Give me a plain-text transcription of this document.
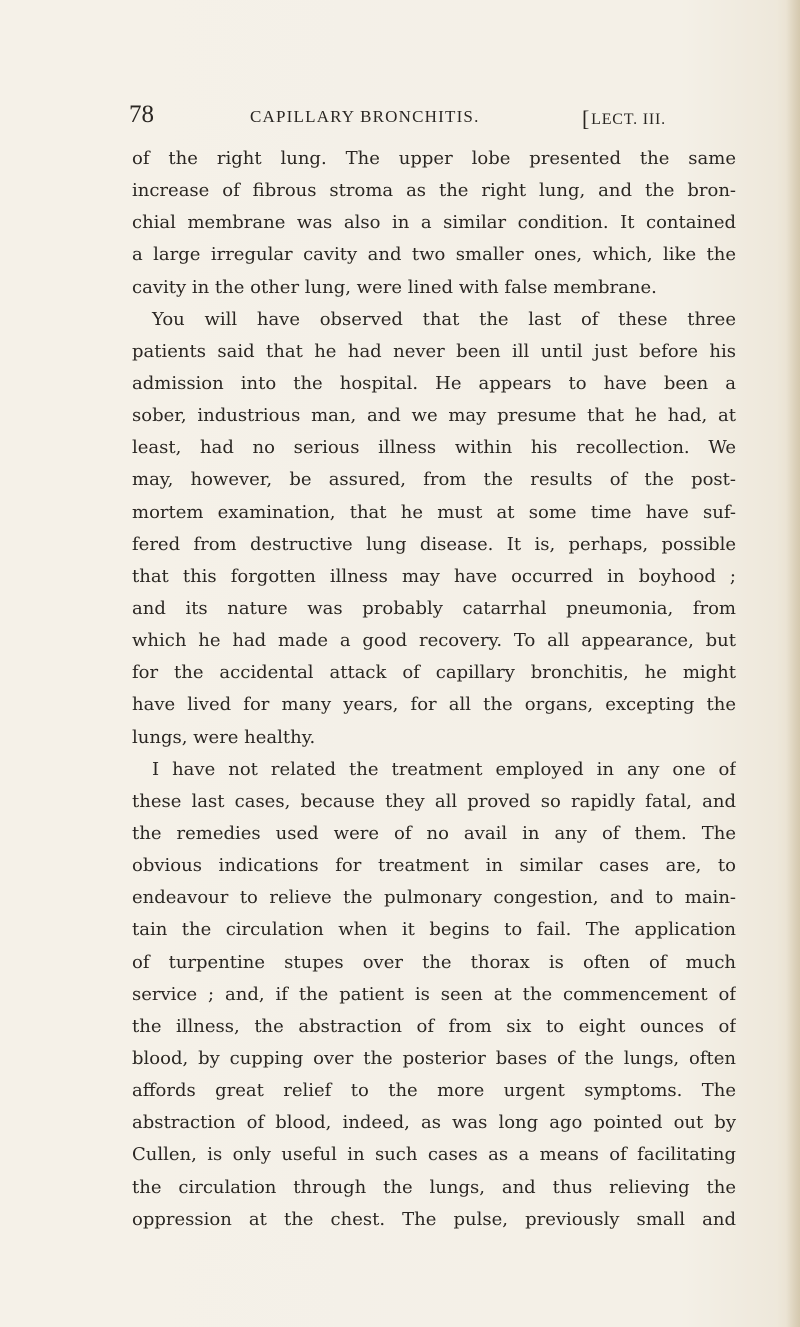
78	CAPILLARY BRONCHITIS.	[LECT. III.
of the right lung. The upper lobe presented the same
increase of fibrous stroma as the right lung, and the bron-
chial membrane was also in a similar condition. It contained
a large irregular cavity and two smaller ones, which, like the
cavity in the other lung, were lined with false membrane.
You will have observed that the last of these three
patients said that he had never been ill until just before his
admission into the hospital. He appears to have been a
sober, industrious man, and we may presume that he had, at
least, had no serious illness within his recollection. We
may, however, be assured, from the results of the post-
mortem examination, that he must at some time have suf-
fered from destructive lung disease. It is, perhaps, possible
that this forgotten illness may have occurred in boyhood ;
and its nature was probably catarrhal pneumonia, from
which he had made a good recovery. To all appearance, but
for the accidental attack of capillary bronchitis, he might
have lived for many years, for all the organs, excepting the
lungs, were healthy.
I have not related the treatment employed in any one of
these last cases, because they all proved so rapidly fatal, and
the remedies used were of no avail in any of them. The
obvious indications for treatment in similar cases are, to
endeavour to relieve the pulmonary congestion, and to main-
tain the circulation when it begins to fail. The application
of turpentine stupes over the thorax is often of much
service ; and, if the patient is seen at the commencement of
the illness, the abstraction of from six to eight ounces of
blood, by cupping over the posterior bases of the lungs, often
affords great relief to the more urgent symptoms. The
abstraction of blood, indeed, as was long ago pointed out by
Cullen, is only useful in such cases as a means of facilitating
the circulation through the lungs, and thus relieving the
oppression at the chest. The pulse, previously small and
